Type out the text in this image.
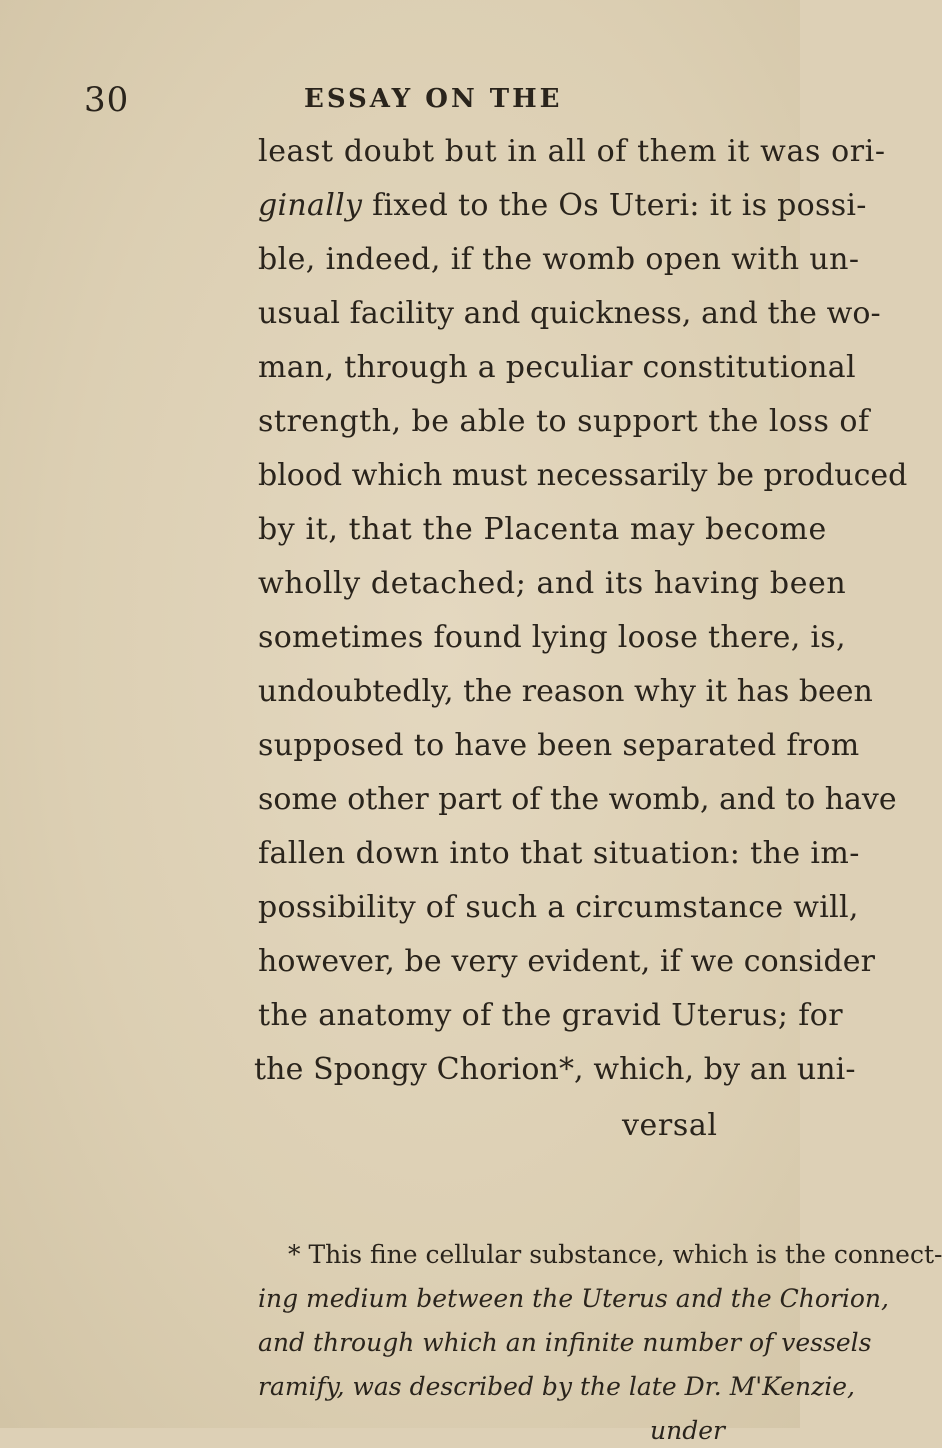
30	ESSAY ON THE
least doubt but in all of them it was ori-
ginally fixed to the Os Uteri: it is possi-
ble, indeed, if the womb open with un-
usual facility and quickness, and the wo-
man, through a peculiar constitutional
strength, be able to support the loss of
blood which must necessarily be produced
by it, that the Placenta may become
wholly detached; and its having been
sometimes found lying loose there, is,
undoubtedly, the reason why it has been
supposed to have been separated from
some other part of the womb, and to have
fallen down into that situation: the im-
possibility of such a circumstance will,
however, be very evident, if we consider
the anatomy of the gravid Uterus; for
the Spongy Chorion*, which, by an uni-
versal
* This fine cellular substance, which is the connect-
ing medium between the Uterus and the Chorion,
and through which an infinite number of vessels
ramify, was described by the late Dr. M'Kenzie,
under
